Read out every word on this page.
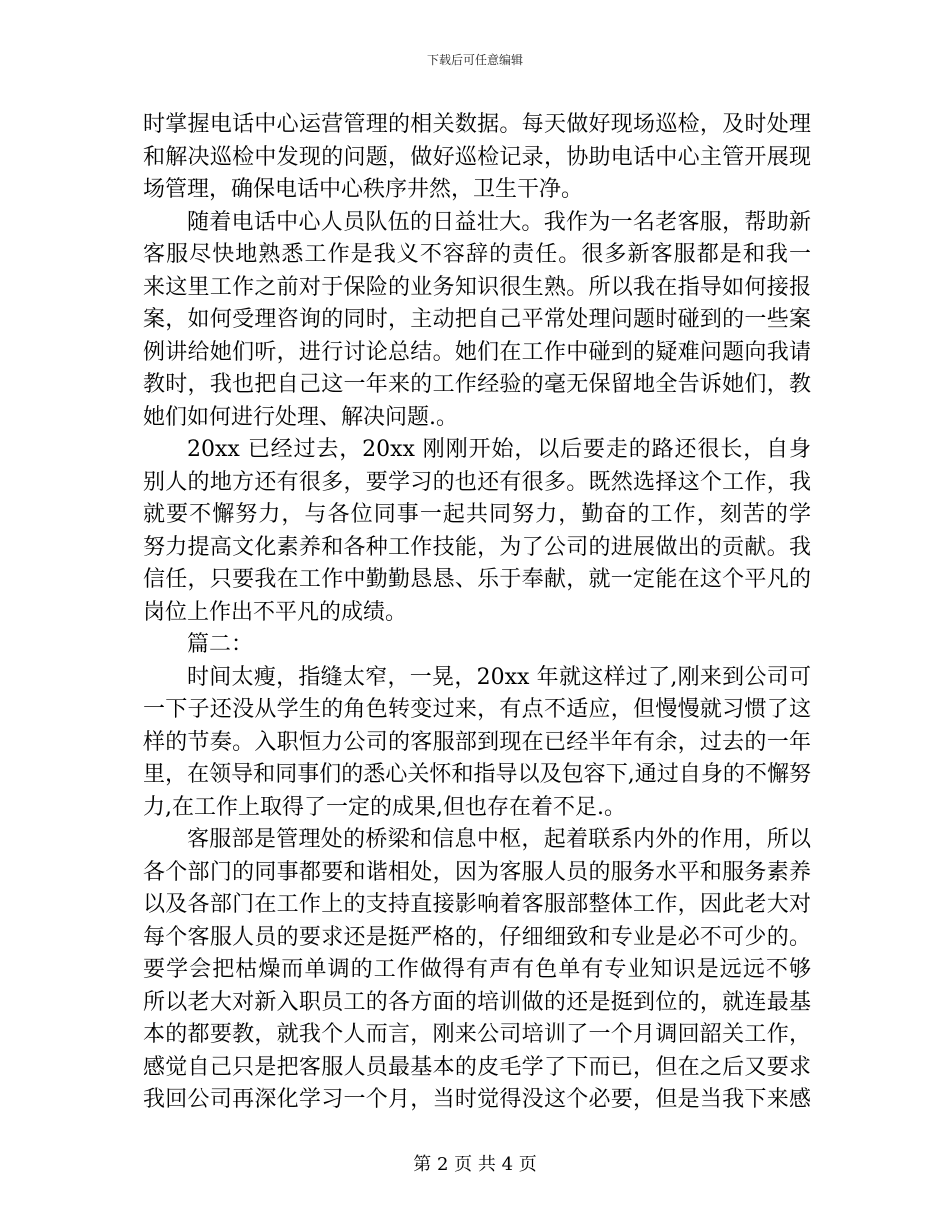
下载后可任意编辑
时掌握电话中心运营管理的相关数据。每天做好现场巡检，及时处理
和解决巡检中发现的问题，做好巡检记录，协助电话中心主管开展现
场管理，确保电话中心秩序井然，卫生干净。
随着电话中心人员队伍的日益壮大。我作为一名老客服，帮助新
客服尽快地熟悉工作是我义不容辞的责任。很多新客服都是和我一
来这里工作之前对于保险的业务知识很生熟。所以我在指导如何接报
案，如何受理咨询的同时，主动把自己平常处理问题时碰到的一些案
例讲给她们听，进行讨论总结。她们在工作中碰到的疑难问题向我请
教时，我也把自己这一年来的工作经验的毫无保留地全告诉她们，教
她们如何进行处理、解决问题.。
20xx 已经过去，20xx 刚刚开始，以后要走的路还很长，自身
别人的地方还有很多，要学习的也还有很多。既然选择这个工作，我
就要不懈努力，与各位同事一起共同努力，勤奋的工作，刻苦的学
努力提高文化素养和各种工作技能，为了公司的进展做出的贡献。我
信任，只要我在工作中勤勤恳恳、乐于奉献，就一定能在这个平凡的
岗位上作出不平凡的成绩。
篇二：
时间太瘦，指缝太窄，一晃，20xx 年就这样过了,刚来到公司可
一下子还没从学生的角色转变过来，有点不适应，但慢慢就习惯了这
样的节奏。入职恒力公司的客服部到现在已经半年有余，过去的一年
里，在领导和同事们的悉心关怀和指导以及包容下,通过自身的不懈努
力,在工作上取得了一定的成果,但也存在着不足.。
客服部是管理处的桥梁和信息中枢，起着联系内外的作用，所以
各个部门的同事都要和谐相处，因为客服人员的服务水平和服务素养
以及各部门在工作上的支持直接影响着客服部整体工作，因此老大对
每个客服人员的要求还是挺严格的，仔细细致和专业是必不可少的。
要学会把枯燥而单调的工作做得有声有色单有专业知识是远远不够
所以老大对新入职员工的各方面的培训做的还是挺到位的，就连最基
本的都要教，就我个人而言，刚来公司培训了一个月调回韶关工作，
感觉自己只是把客服人员最基本的皮毛学了下而已，但在之后又要求
我回公司再深化学习一个月，当时觉得没这个必要，但是当我下来感
第 2 页 共 4 页
